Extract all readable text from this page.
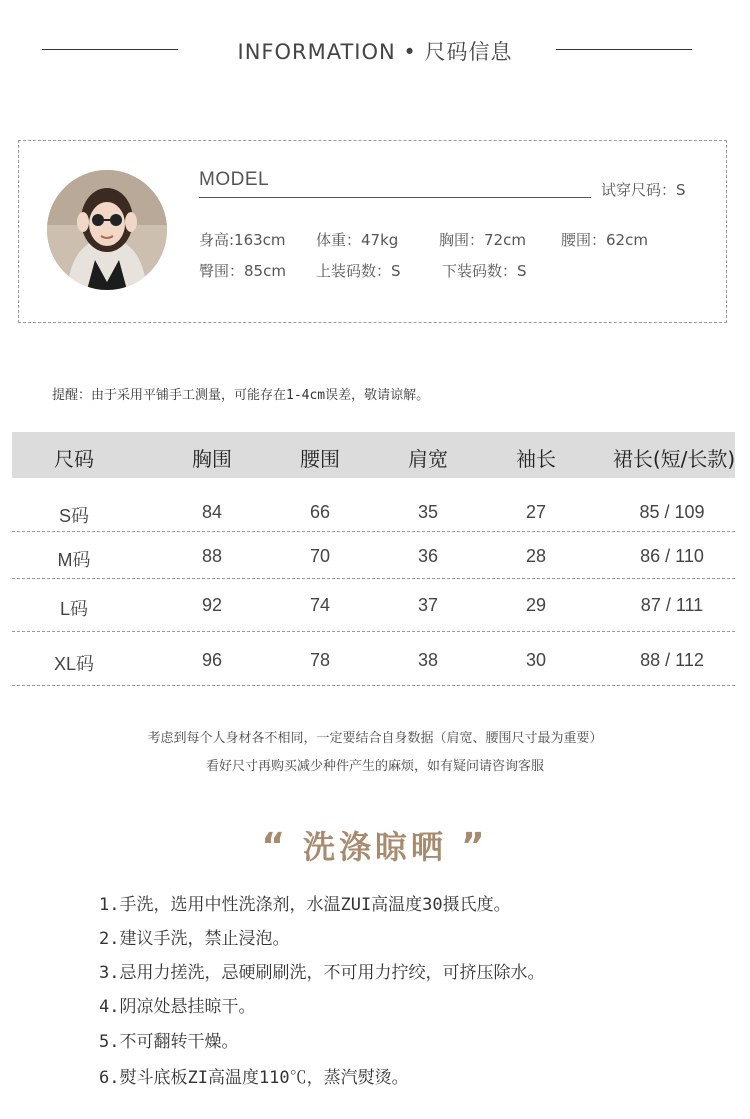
INFORMATION • 尺码信息
MODEL	试穿尺码：S
身高:163cm 体重：47kg	胸围：72cm 腰围：62cm
臀围：85cm 上装码数：S	下装码数：S
提醒：由于采用平铺手工测量，可能存在1-4cm误差，敬请谅解。
尺码	胸围	腰围	肩宽	袖长	裙长(短/长款)
S码	84	66	35	27	85 / 109
M码	88	70	36	28	86 / 110
L码	92	74	37	29	87 / 111
XL码	96	78	38	30	88 / 112
考虑到每个人身材各不相同，一定要结合自身数据（肩宽、腰围尺寸最为重要）
看好尺寸再购买减少种件产生的麻烦，如有疑问请咨询客服
“ 洗涤晾晒 ”
1.手洗，选用中性洗涤剂，水温ZUI高温度30摄氏度。
2.建议手洗，禁止浸泡。
3.忌用力搓洗，忌硬刷刷洗，不可用力拧绞，可挤压除水。
4.阴凉处悬挂晾干。
5.不可翻转干燥。
6.熨斗底板ZI高温度110℃，蒸汽熨烫。
